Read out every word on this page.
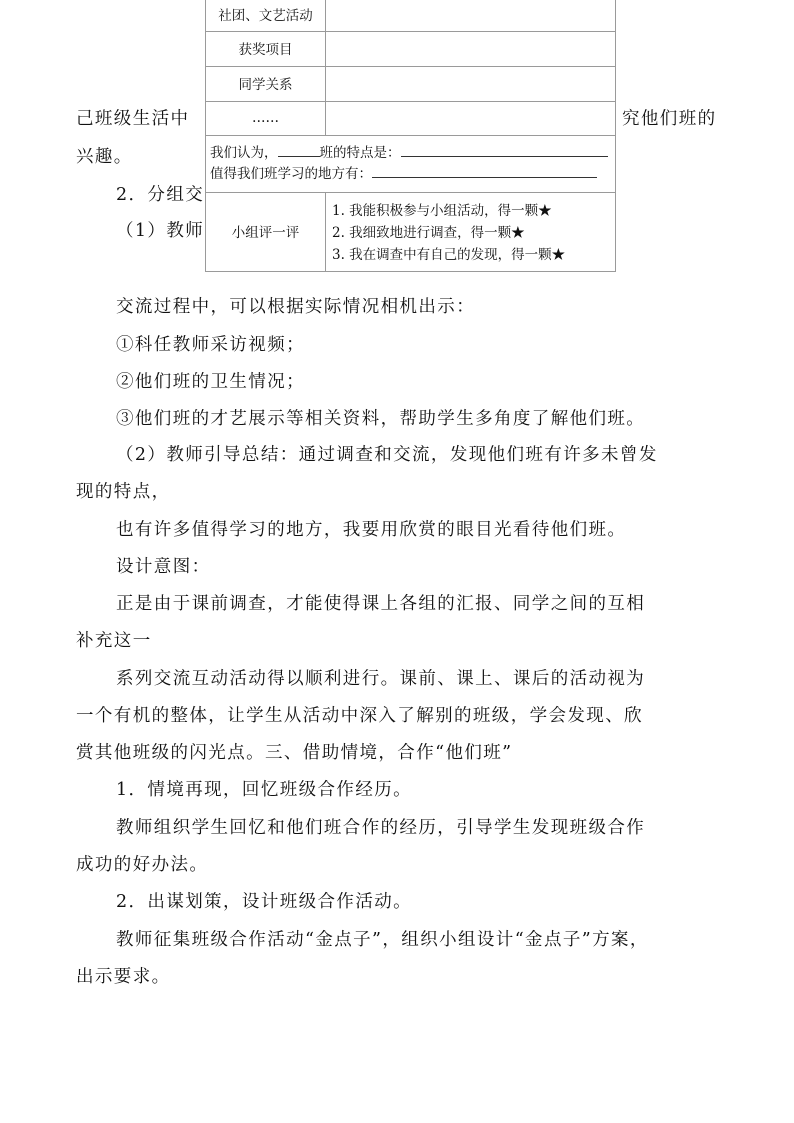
己班级生活中	究他们班的
兴趣。
2．分组交
（1）教师
社团、文艺活动
获奖项目
同学关系
……
我们认为，	班的特点是：
值得我们班学习的地方有：
小组评一评
1. 我能积极参与小组活动，得一颗★
2. 我细致地进行调查，得一颗★
3. 我在调查中有自己的发现，得一颗★
交流过程中，可以根据实际情况相机出示：
①科任教师采访视频；
②他们班的卫生情况；
③他们班的才艺展示等相关资料，帮助学生多角度了解他们班。
（2）教师引导总结：通过调查和交流，发现他们班有许多未曾发
现的特点，
也有许多值得学习的地方，我要用欣赏的眼目光看待他们班。
设计意图：
正是由于课前调查，才能使得课上各组的汇报、同学之间的互相
补充这一
系列交流互动活动得以顺利进行。课前、课上、课后的活动视为
一个有机的整体，让学生从活动中深入了解别的班级，学会发现、欣
赏其他班级的闪光点。三、借助情境，合作“他们班”
1．情境再现，回忆班级合作经历。
教师组织学生回忆和他们班合作的经历，引导学生发现班级合作
成功的好办法。
2．出谋划策，设计班级合作活动。
教师征集班级合作活动“金点子”，组织小组设计“金点子”方案，
出示要求。
